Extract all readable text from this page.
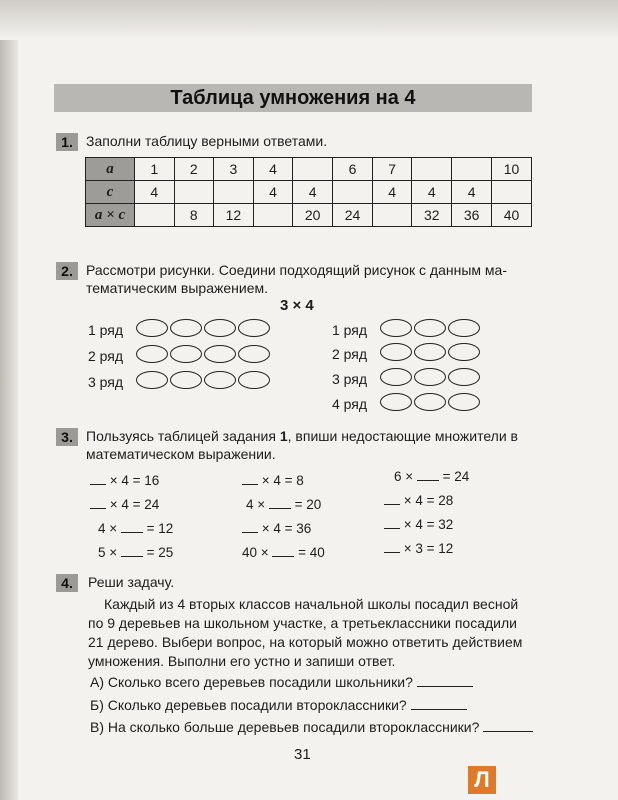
Таблица умножения на 4
1. Заполни таблицу верными ответами.
a	1	2	3	4		6	7			10
c	4			4	4		4	4	4	
a × c		8	12		20	24		32	36	40
2. Рассмотри рисунки. Соедини подходящий рисунок с данным ма-
тематическим выражением.
3 × 4
1 ряд
2 ряд
3 ряд
1 ряд
2 ряд
3 ряд
4 ряд
3. Пользуясь таблицей задания 1, впиши недостающие множители в
математическом выражении.
× 4 = 16
× 4 = 24
4 ×  = 12
5 ×  = 25
× 4 = 8
4 ×  = 20
× 4 = 36
40 ×  = 40
6 ×  = 24
× 4 = 28
× 4 = 32
× 3 = 12
4.	Реши задачу.
Каждый из 4 вторых классов начальной школы посадил весной
по 9 деревьев на школьном участке, а третьеклассники посадили
21 дерево. Выбери вопрос, на который можно ответить действием
умножения. Выполни его устно и запиши ответ.
А) Сколько всего деревьев посадили школьники?
Б) Сколько деревьев посадили второклассники?
В) На сколько больше деревьев посадили второклассники?
31
Л
